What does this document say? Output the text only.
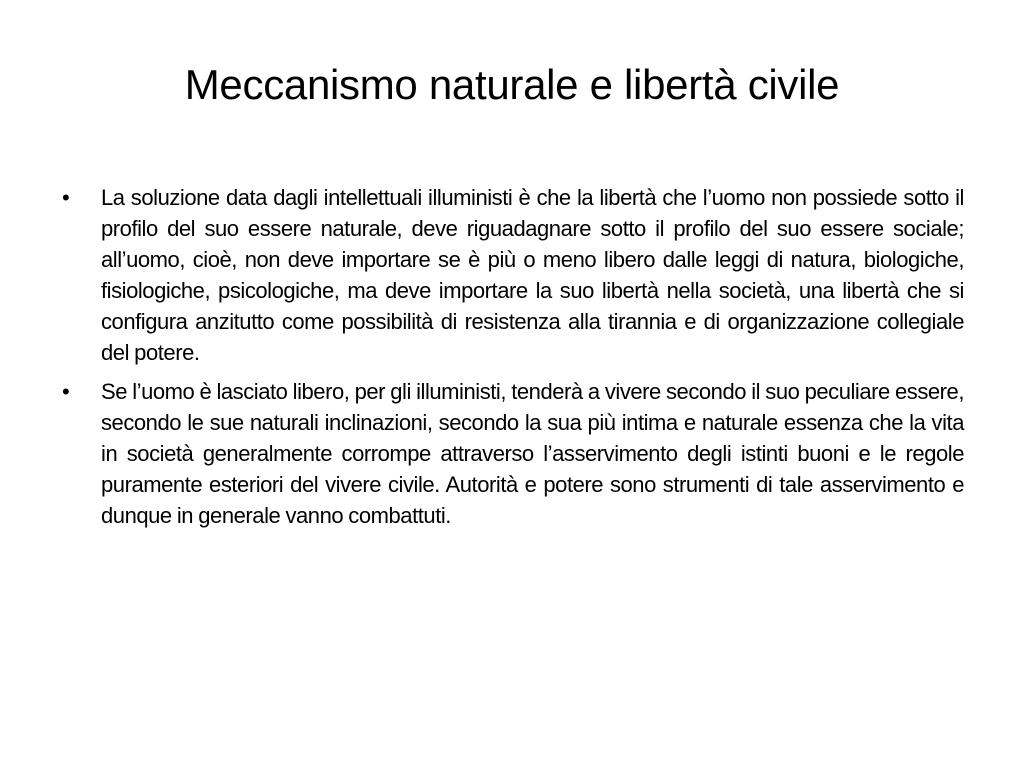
Meccanismo naturale e libertà civile
• La soluzione data dagli intellettuali illuministi è che la libertà che l’uomo non possiede sotto il profilo del suo essere naturale, deve riguadagnare sotto il profilo del suo essere sociale; all’uomo, cioè, non deve importare se è più o meno libero dalle leggi di natura, biologiche, fisiologiche, psicologiche, ma deve importare la suo libertà nella società, una libertà che si configura anzitutto come possibilità di resistenza alla tirannia e di organizzazione collegiale del potere.
• Se l’uomo è lasciato libero, per gli illuministi, tenderà a vivere secondo il suo peculiare essere, secondo le sue naturali inclinazioni, secondo la sua più intima e naturale essenza che la vita in società generalmente corrompe attraverso l’asservimento degli istinti buoni e le regole puramente esteriori del vivere civile. Autorità e potere sono strumenti di tale asservimento e dunque in generale vanno combattuti.
